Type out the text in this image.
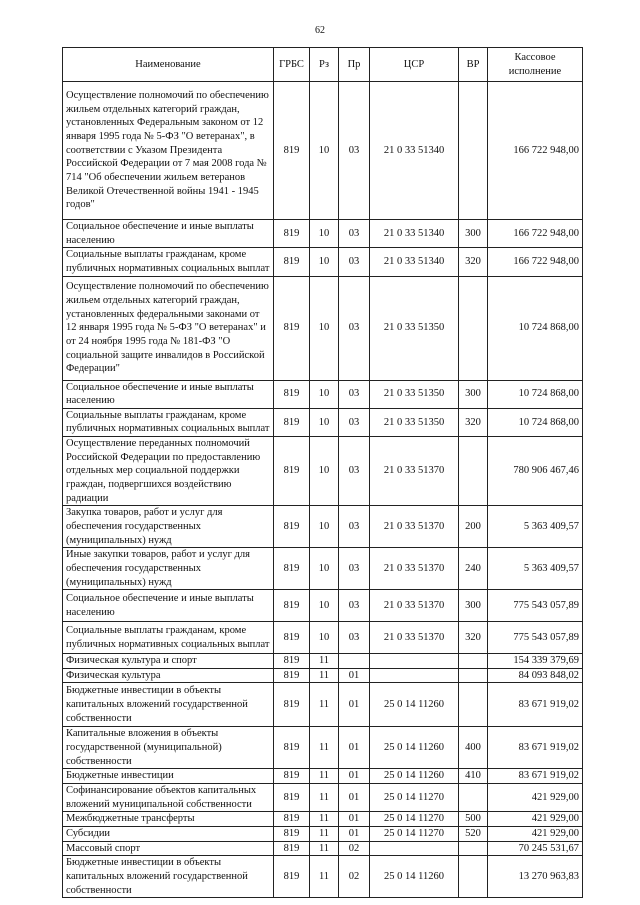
62
Наименование	ГРБС	Рз	Пр	ЦСР	ВР	Кассовое исполнение
Осуществление полномочий по обеспечению жильем отдельных категорий граждан, установленных Федеральным законом от 12 января 1995 года № 5-ФЗ "О ветеранах", в соответствии с Указом Президента Российской Федерации от 7 мая 2008 года № 714 "Об обеспечении жильем ветеранов Великой Отечественной войны 1941 - 1945 годов"	819	10	03	21 0 33 51340		166 722 948,00
Социальное обеспечение и иные выплаты населению	819	10	03	21 0 33 51340	300	166 722 948,00
Социальные выплаты гражданам, кроме публичных нормативных социальных выплат	819	10	03	21 0 33 51340	320	166 722 948,00
Осуществление полномочий по обеспечению жильем отдельных категорий граждан, установленных федеральными законами от 12 января 1995 года № 5-ФЗ "О ветеранах" и от 24 ноября 1995 года № 181-ФЗ "О социальной защите инвалидов в Российской Федерации"	819	10	03	21 0 33 51350		10 724 868,00
Социальное обеспечение и иные выплаты населению	819	10	03	21 0 33 51350	300	10 724 868,00
Социальные выплаты гражданам, кроме публичных нормативных социальных выплат	819	10	03	21 0 33 51350	320	10 724 868,00
Осуществление переданных полномочий Российской Федерации по предоставлению отдельных мер социальной поддержки граждан, подвергшихся воздействию радиации	819	10	03	21 0 33 51370		780 906 467,46
Закупка товаров, работ и услуг для обеспечения государственных (муниципальных) нужд	819	10	03	21 0 33 51370	200	5 363 409,57
Иные закупки товаров, работ и услуг для обеспечения государственных (муниципальных) нужд	819	10	03	21 0 33 51370	240	5 363 409,57
Социальное обеспечение и иные выплаты населению	819	10	03	21 0 33 51370	300	775 543 057,89
Социальные выплаты гражданам, кроме публичных нормативных социальных выплат	819	10	03	21 0 33 51370	320	775 543 057,89
Физическая культура и спорт	819	11				154 339 379,69
Физическая культура	819	11	01			84 093 848,02
Бюджетные инвестиции в объекты капитальных вложений государственной собственности	819	11	01	25 0 14 11260		83 671 919,02
Капитальные вложения в объекты государственной (муниципальной) собственности	819	11	01	25 0 14 11260	400	83 671 919,02
Бюджетные инвестиции	819	11	01	25 0 14 11260	410	83 671 919,02
Софинансирование объектов капитальных вложений муниципальной собственности	819	11	01	25 0 14 11270		421 929,00
Межбюджетные трансферты	819	11	01	25 0 14 11270	500	421 929,00
Субсидии	819	11	01	25 0 14 11270	520	421 929,00
Массовый спорт	819	11	02			70 245 531,67
Бюджетные инвестиции в объекты капитальных вложений государственной собственности	819	11	02	25 0 14 11260		13 270 963,83
